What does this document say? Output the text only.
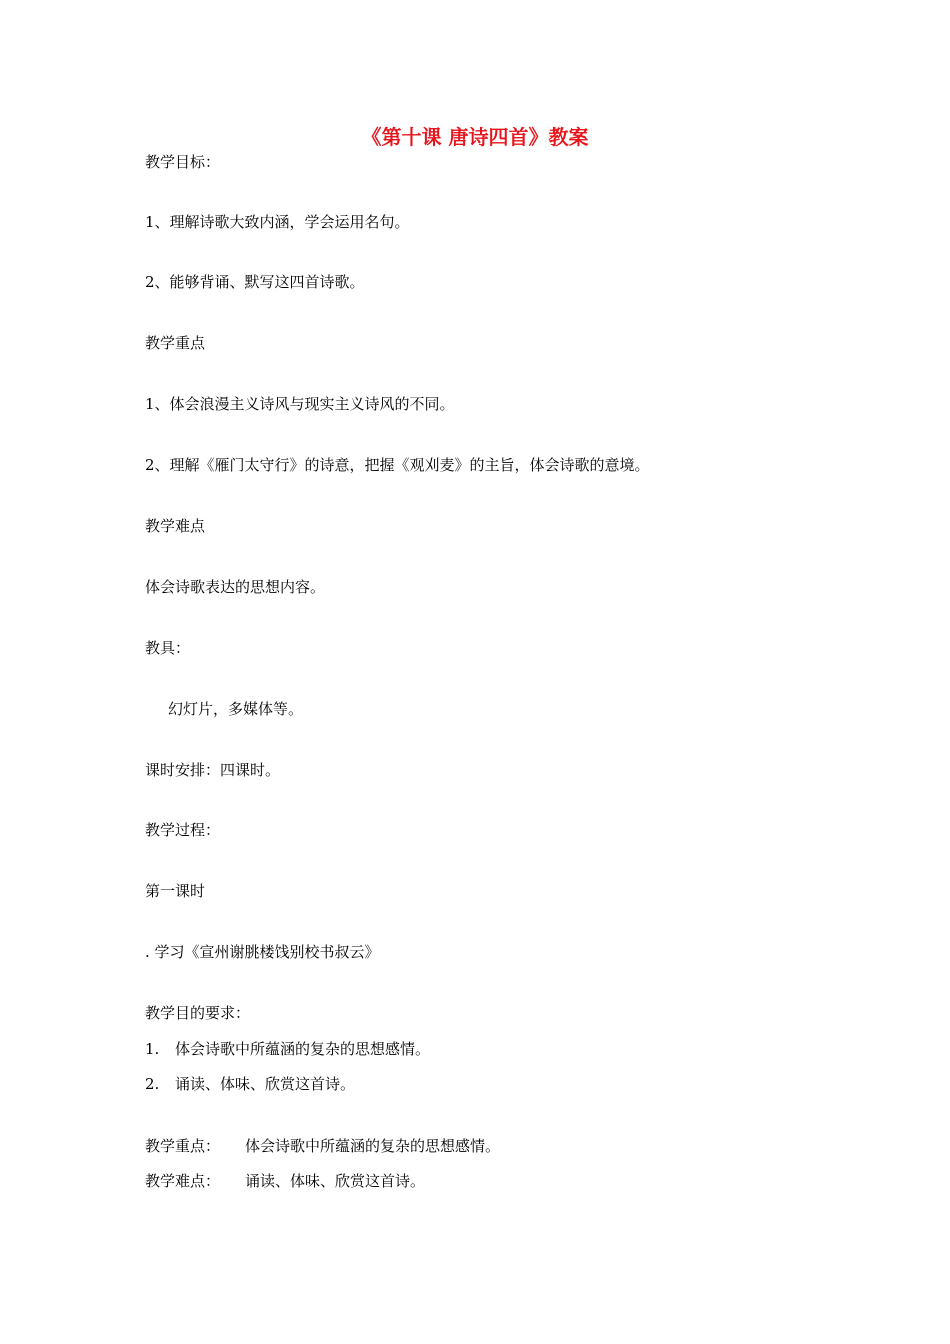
《第十课 唐诗四首》教案
教学目标：
1、理解诗歌大致内涵，学会运用名句。
2、能够背诵、默写这四首诗歌。
教学重点
1、体会浪漫主义诗风与现实主义诗风的不同。
2、理解《雁门太守行》的诗意，把握《观刈麦》的主旨，体会诗歌的意境。
教学难点
体会诗歌表达的思想内容。
教具：
幻灯片，多媒体等。
课时安排：四课时。
教学过程：
第一课时
. 学习《宣州谢朓楼饯别校书叔云》
教学目的要求：
1. 体会诗歌中所蕴涵的复杂的思想感情。
2. 诵读、体味、欣赏这首诗。
教学重点： 体会诗歌中所蕴涵的复杂的思想感情。
教学难点： 诵读、体味、欣赏这首诗。
